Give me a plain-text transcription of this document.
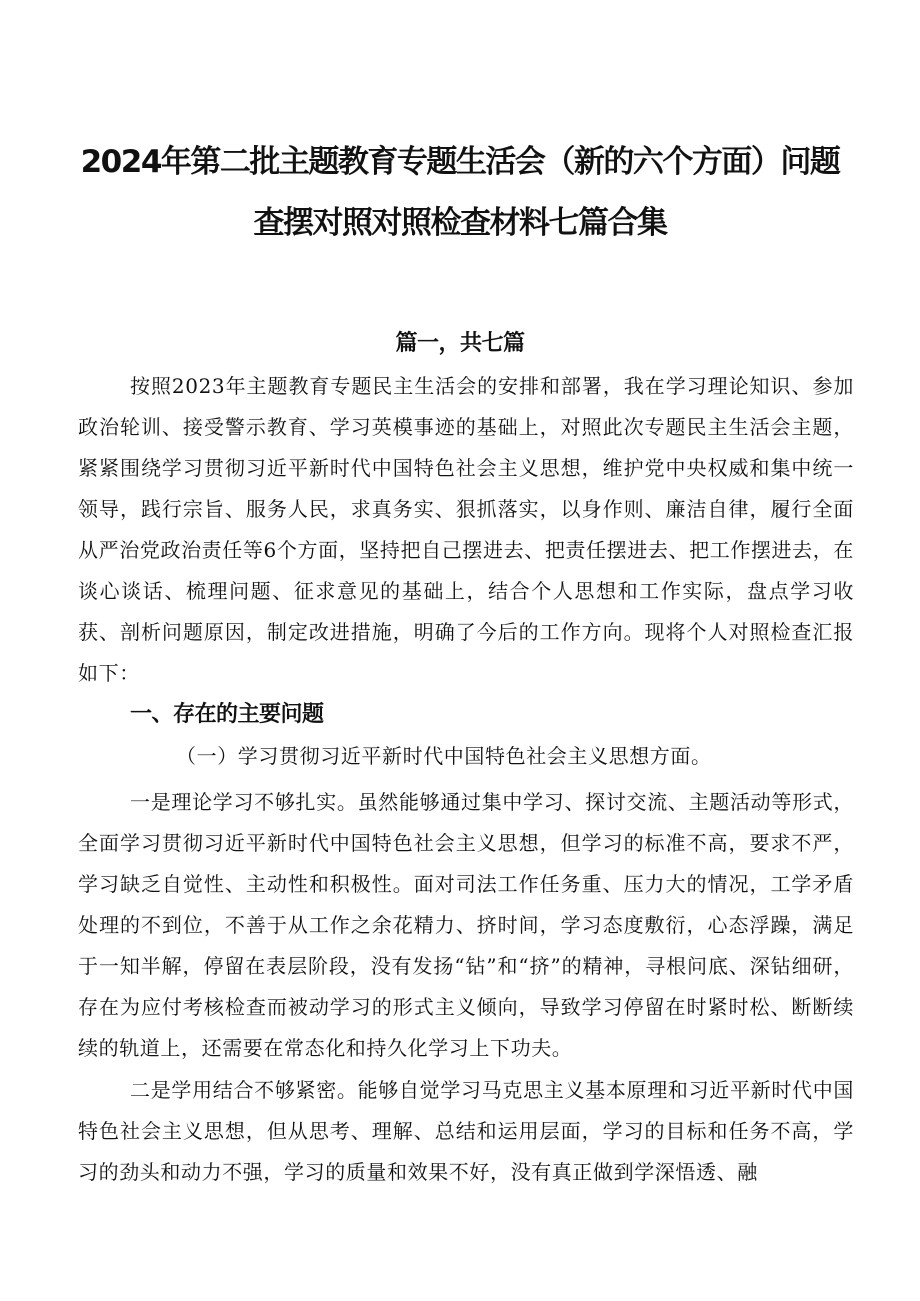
2024年第二批主题教育专题生活会（新的六个方面）问题
查摆对照对照检查材料七篇合集
篇一，共七篇

按照2023年主题教育专题民主生活会的安排和部署，我在学习理论知识、参加政治轮训、接受警示教育、学习英模事迹的基础上，对照此次专题民主生活会主题，紧紧围绕学习贯彻习近平新时代中国特色社会主义思想，维护党中央权威和集中统一领导，践行宗旨、服务人民，求真务实、狠抓落实，以身作则、廉洁自律，履行全面从严治党政治责任等6个方面，坚持把自己摆进去、把责任摆进去、把工作摆进去，在谈心谈话、梳理问题、征求意见的基础上，结合个人思想和工作实际，盘点学习收获、剖析问题原因，制定改进措施，明确了今后的工作方向。现将个人对照检查汇报如下：

一、存在的主要问题
（一）学习贯彻习近平新时代中国特色社会主义思想方面。

一是理论学习不够扎实。虽然能够通过集中学习、探讨交流、主题活动等形式，全面学习贯彻习近平新时代中国特色社会主义思想，但学习的标准不高，要求不严，学习缺乏自觉性、主动性和积极性。面对司法工作任务重、压力大的情况，工学矛盾处理的不到位，不善于从工作之余花精力、挤时间，学习态度敷衍，心态浮躁，满足于一知半解，停留在表层阶段，没有发扬“钻”和“挤”的精神，寻根问底、深钻细研，存在为应付考核检查而被动学习的形式主义倾向，导致学习停留在时紧时松、断断续续的轨道上，还需要在常态化和持久化学习上下功夫。

二是学用结合不够紧密。能够自觉学习马克思主义基本原理和习近平新时代中国特色社会主义思想，但从思考、理解、总结和运用层面，学习的目标和任务不高，学习的劲头和动力不强，学习的质量和效果不好，没有真正做到学深悟透、融
